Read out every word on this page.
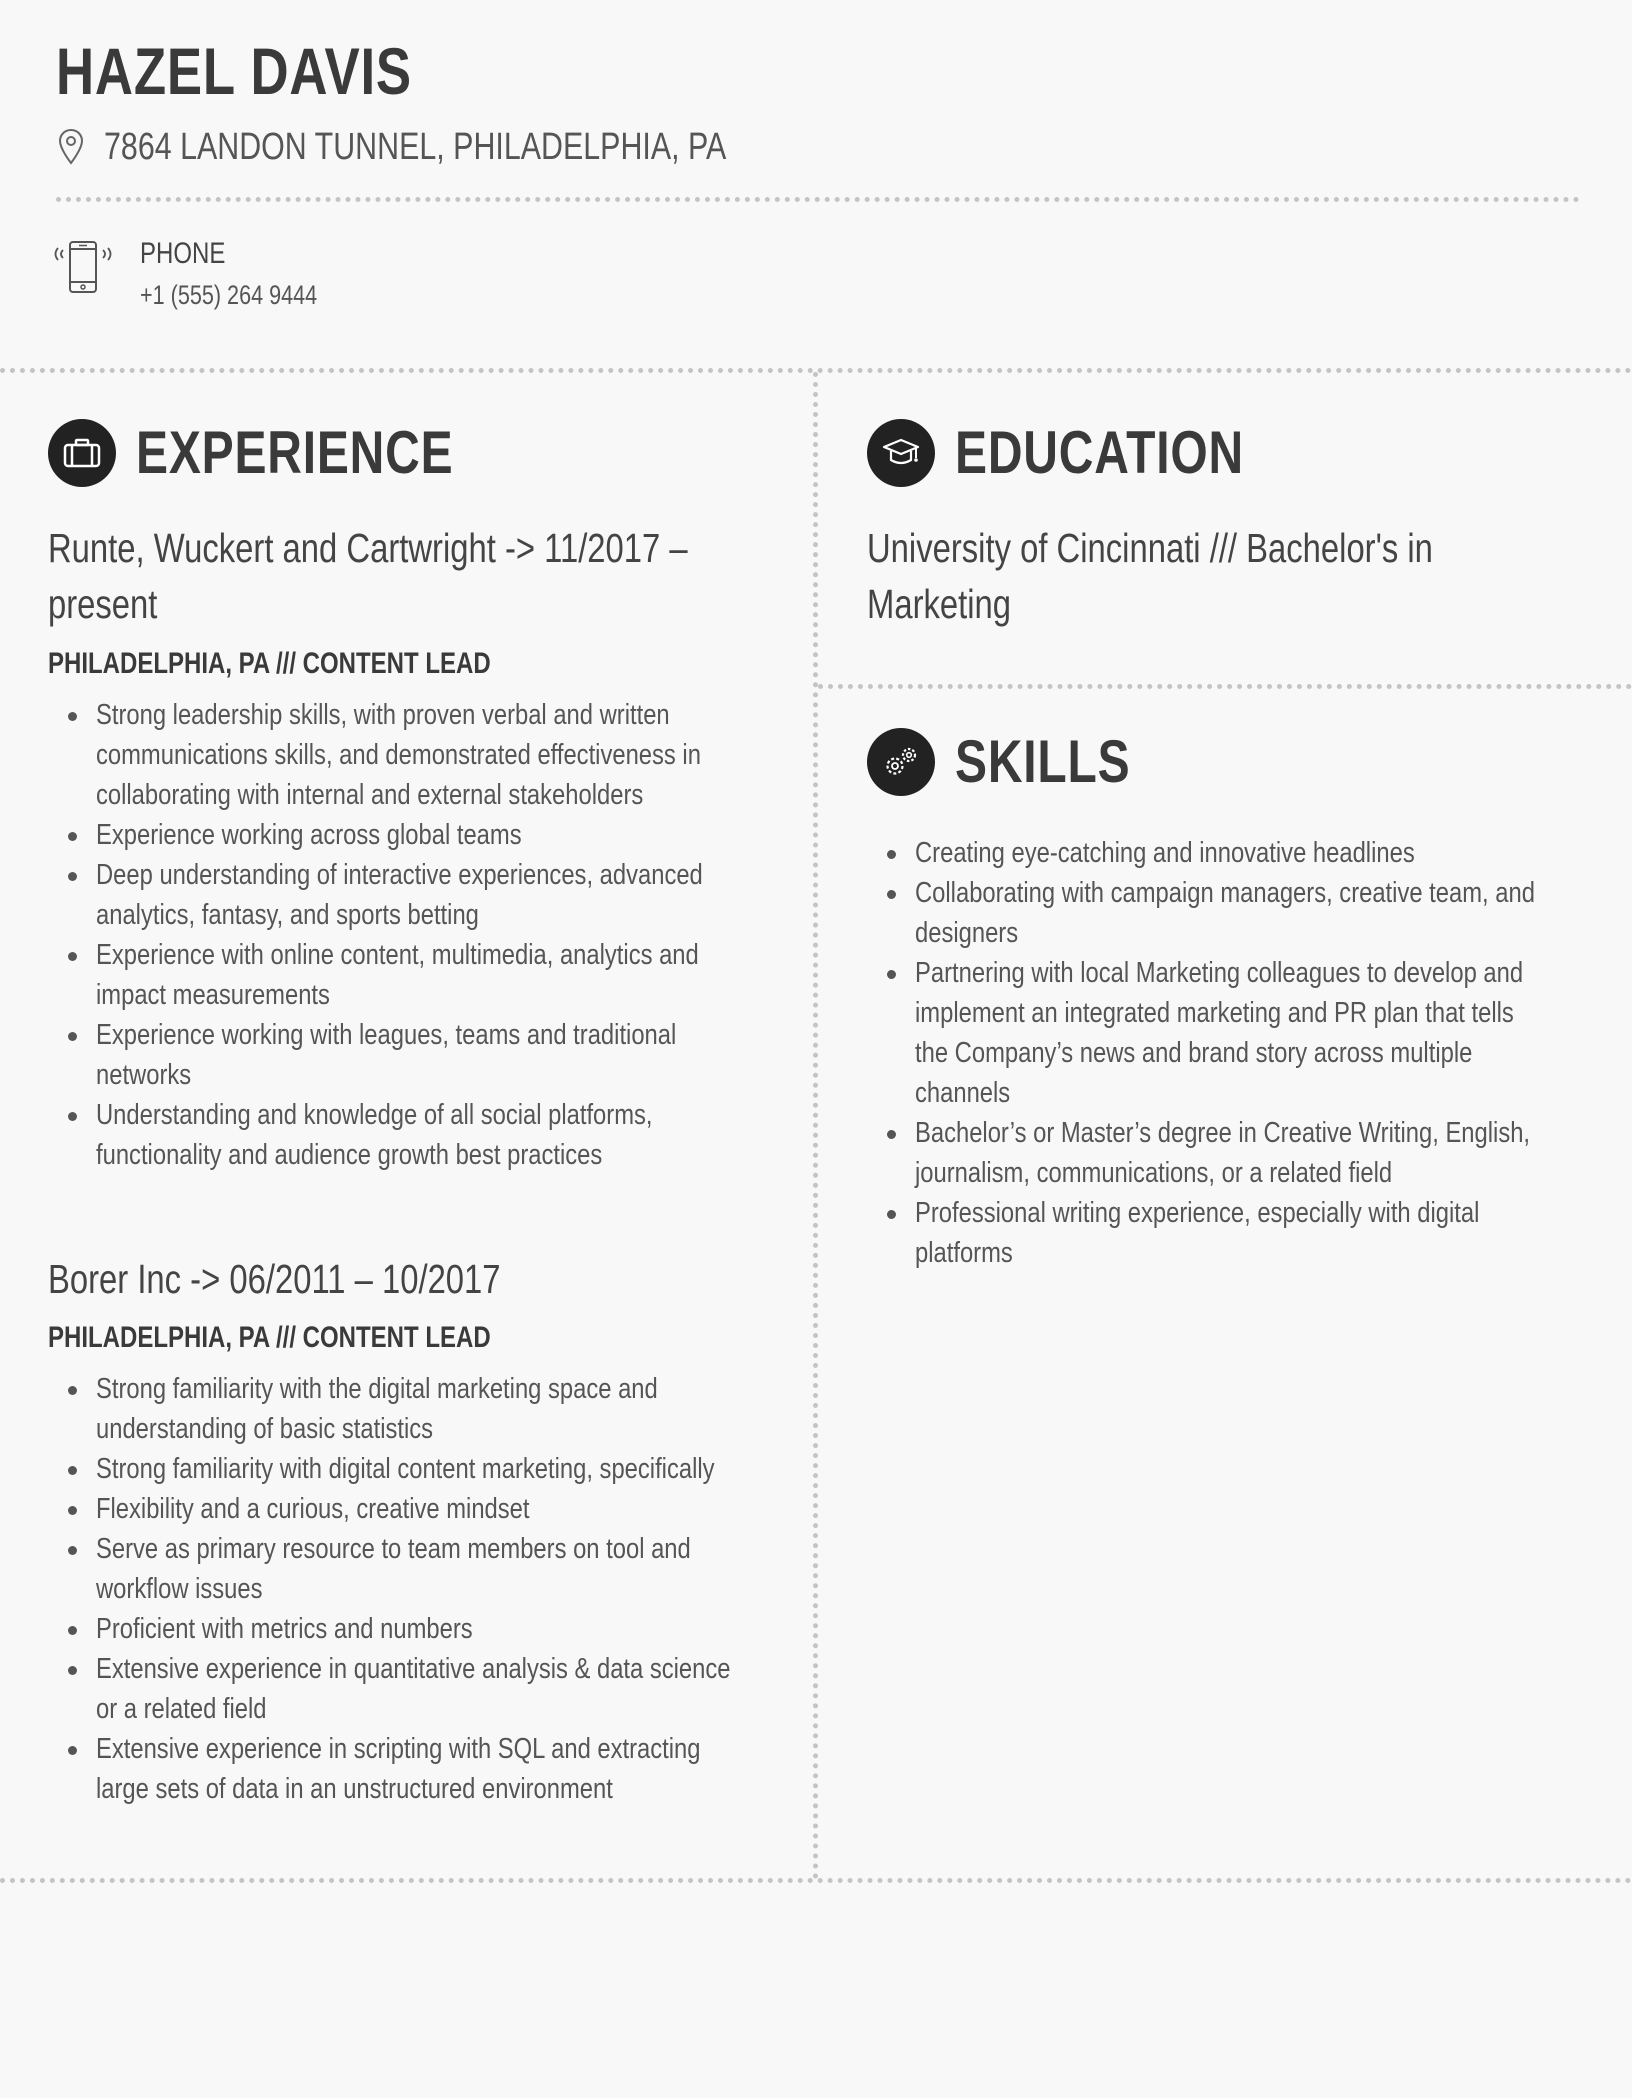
HAZEL DAVIS
7864 LANDON TUNNEL, PHILADELPHIA, PA
PHONE
+1 (555) 264 9444
EXPERIENCE
Runte, Wuckert and Cartwright -> 11/2017 –
present
PHILADELPHIA, PA /// CONTENT LEAD
Strong leadership skills, with proven verbal and written
communications skills, and demonstrated effectiveness in
collaborating with internal and external stakeholders
Experience working across global teams
Deep understanding of interactive experiences, advanced
analytics, fantasy, and sports betting
Experience with online content, multimedia, analytics and
impact measurements
Experience working with leagues, teams and traditional
networks
Understanding and knowledge of all social platforms,
functionality and audience growth best practices
Borer Inc -> 06/2011 – 10/2017
PHILADELPHIA, PA /// CONTENT LEAD
Strong familiarity with the digital marketing space and
understanding of basic statistics
Strong familiarity with digital content marketing, specifically
Flexibility and a curious, creative mindset
Serve as primary resource to team members on tool and
workflow issues
Proficient with metrics and numbers
Extensive experience in quantitative analysis & data science
or a related field
Extensive experience in scripting with SQL and extracting
large sets of data in an unstructured environment
EDUCATION
University of Cincinnati /// Bachelor's in
Marketing
SKILLS
Creating eye-catching and innovative headlines
Collaborating with campaign managers, creative team, and
designers
Partnering with local Marketing colleagues to develop and
implement an integrated marketing and PR plan that tells
the Company’s news and brand story across multiple
channels
Bachelor’s or Master’s degree in Creative Writing, English,
journalism, communications, or a related field
Professional writing experience, especially with digital
platforms
